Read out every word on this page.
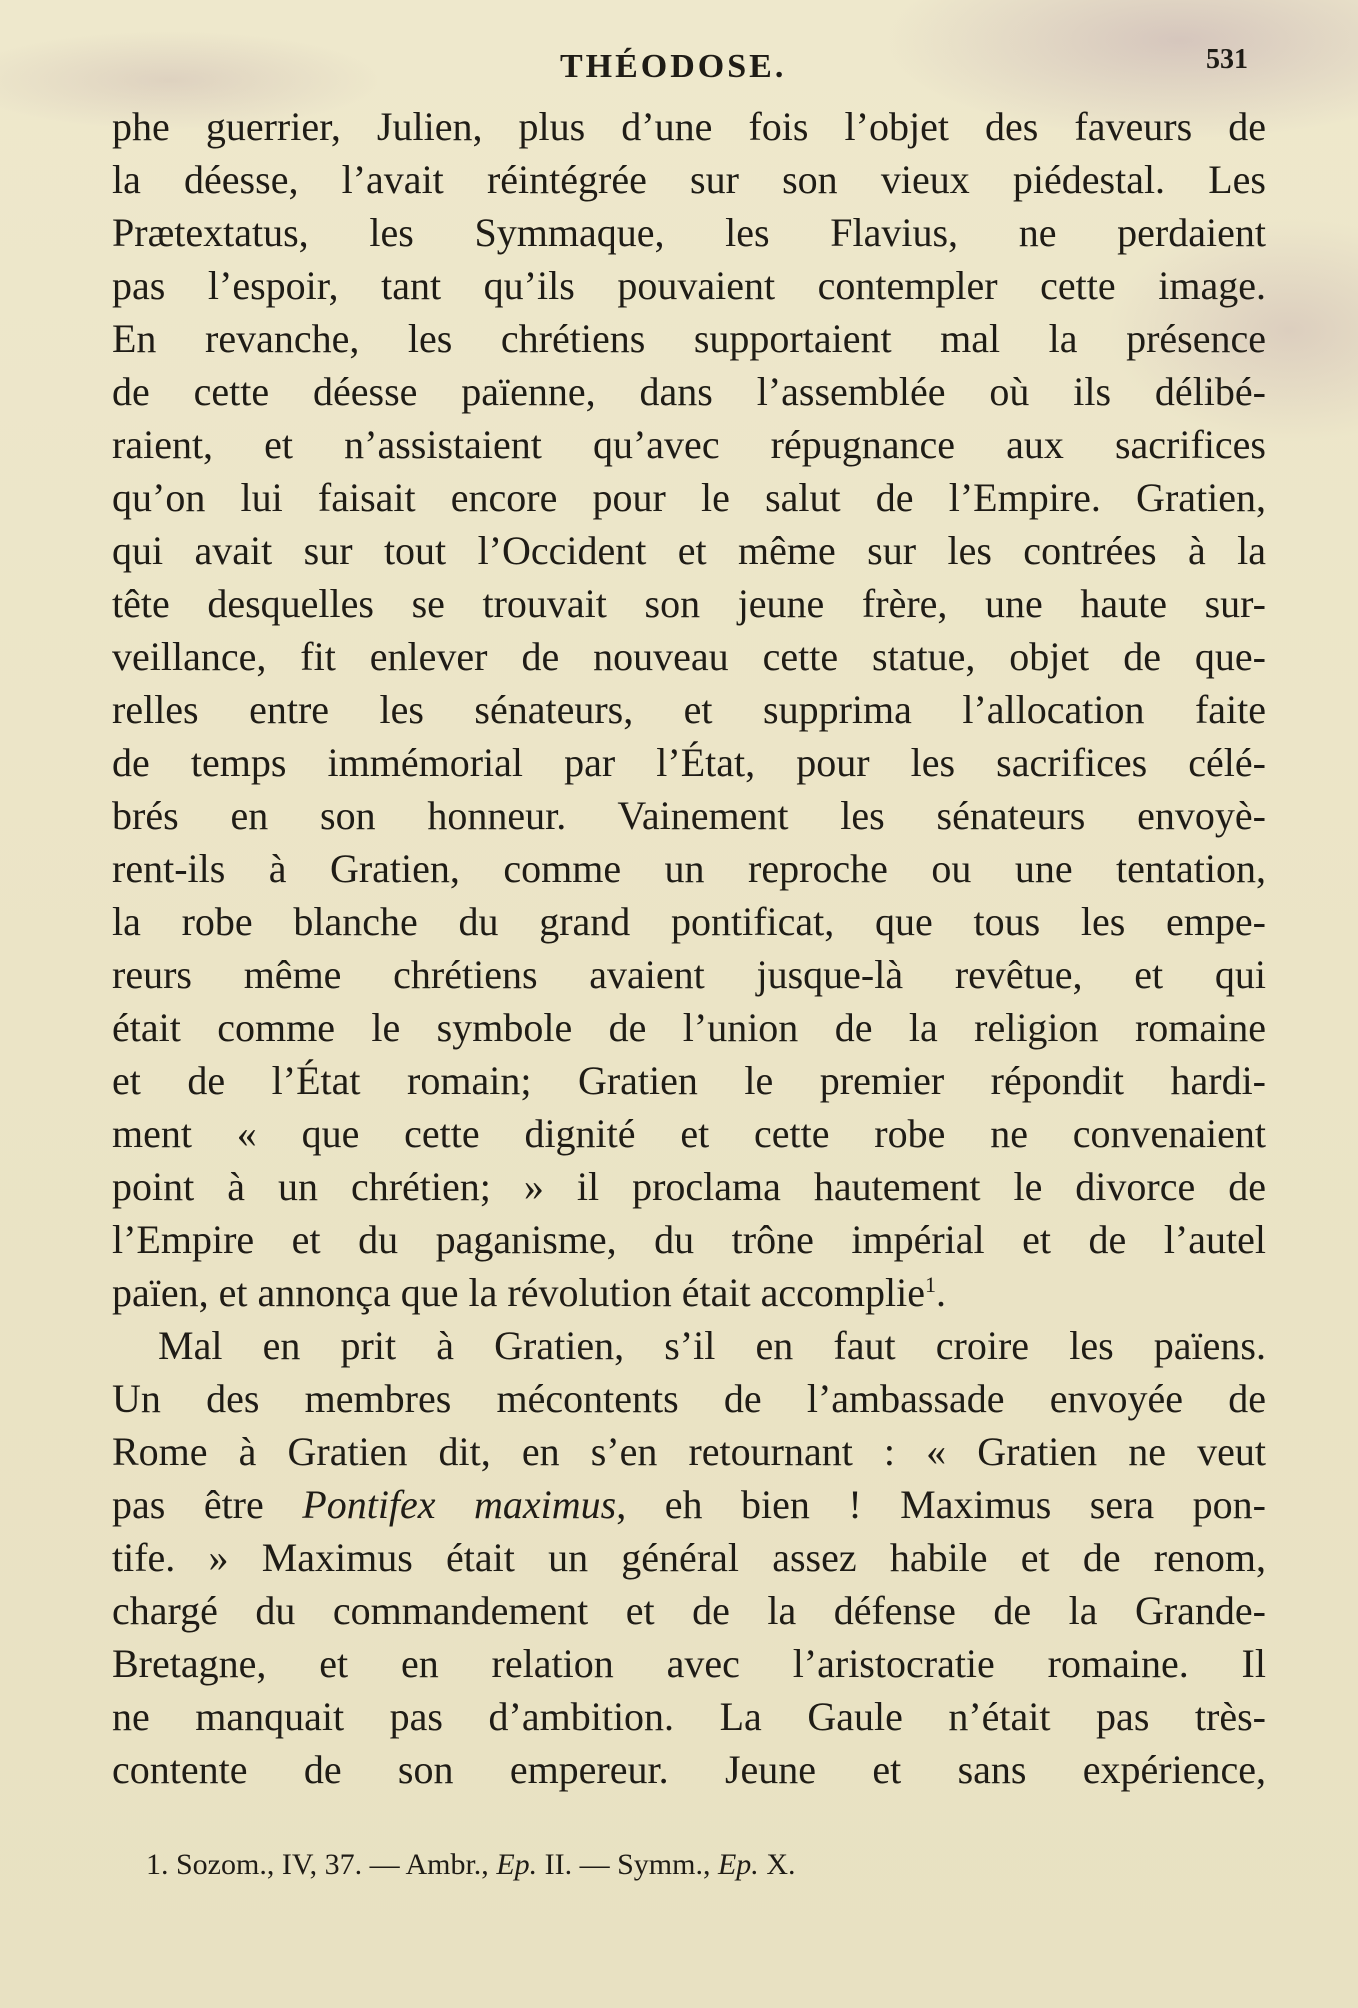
THÉODOSE.	531
phe guerrier, Julien, plus d’une fois l’objet des faveurs de
la déesse, l’avait réintégrée sur son vieux piédestal. Les
Prætextatus, les Symmaque, les Flavius, ne perdaient
pas l’espoir, tant qu’ils pouvaient contempler cette image.
En revanche, les chrétiens supportaient mal la présence
de cette déesse païenne, dans l’assemblée où ils délibé-
raient, et n’assistaient qu’avec répugnance aux sacrifices
qu’on lui faisait encore pour le salut de l’Empire. Gratien,
qui avait sur tout l’Occident et même sur les contrées à la
tête desquelles se trouvait son jeune frère, une haute sur-
veillance, fit enlever de nouveau cette statue, objet de que-
relles entre les sénateurs, et supprima l’allocation faite
de temps immémorial par l’État, pour les sacrifices célé-
brés en son honneur. Vainement les sénateurs envoyè-
rent-ils à Gratien, comme un reproche ou une tentation,
la robe blanche du grand pontificat, que tous les empe-
reurs même chrétiens avaient jusque-là revêtue, et qui
était comme le symbole de l’union de la religion romaine
et de l’État romain; Gratien le premier répondit hardi-
ment « que cette dignité et cette robe ne convenaient
point à un chrétien; » il proclama hautement le divorce de
l’Empire et du paganisme, du trône impérial et de l’autel
païen, et annonça que la révolution était accomplie$^1$.
Mal en prit à Gratien, s’il en faut croire les païens.
Un des membres mécontents de l’ambassade envoyée de
Rome à Gratien dit, en s’en retournant : « Gratien ne veut
pas être Pontifex maximus, eh bien ! Maximus sera pon-
tife. » Maximus était un général assez habile et de renom,
chargé du commandement et de la défense de la Grande-
Bretagne, et en relation avec l’aristocratie romaine. Il
ne manquait pas d’ambition. La Gaule n’était pas très-
contente de son empereur. Jeune et sans expérience,
1. Sozom., IV, 37. — Ambr., Ep. II. — Symm., Ep. X.
